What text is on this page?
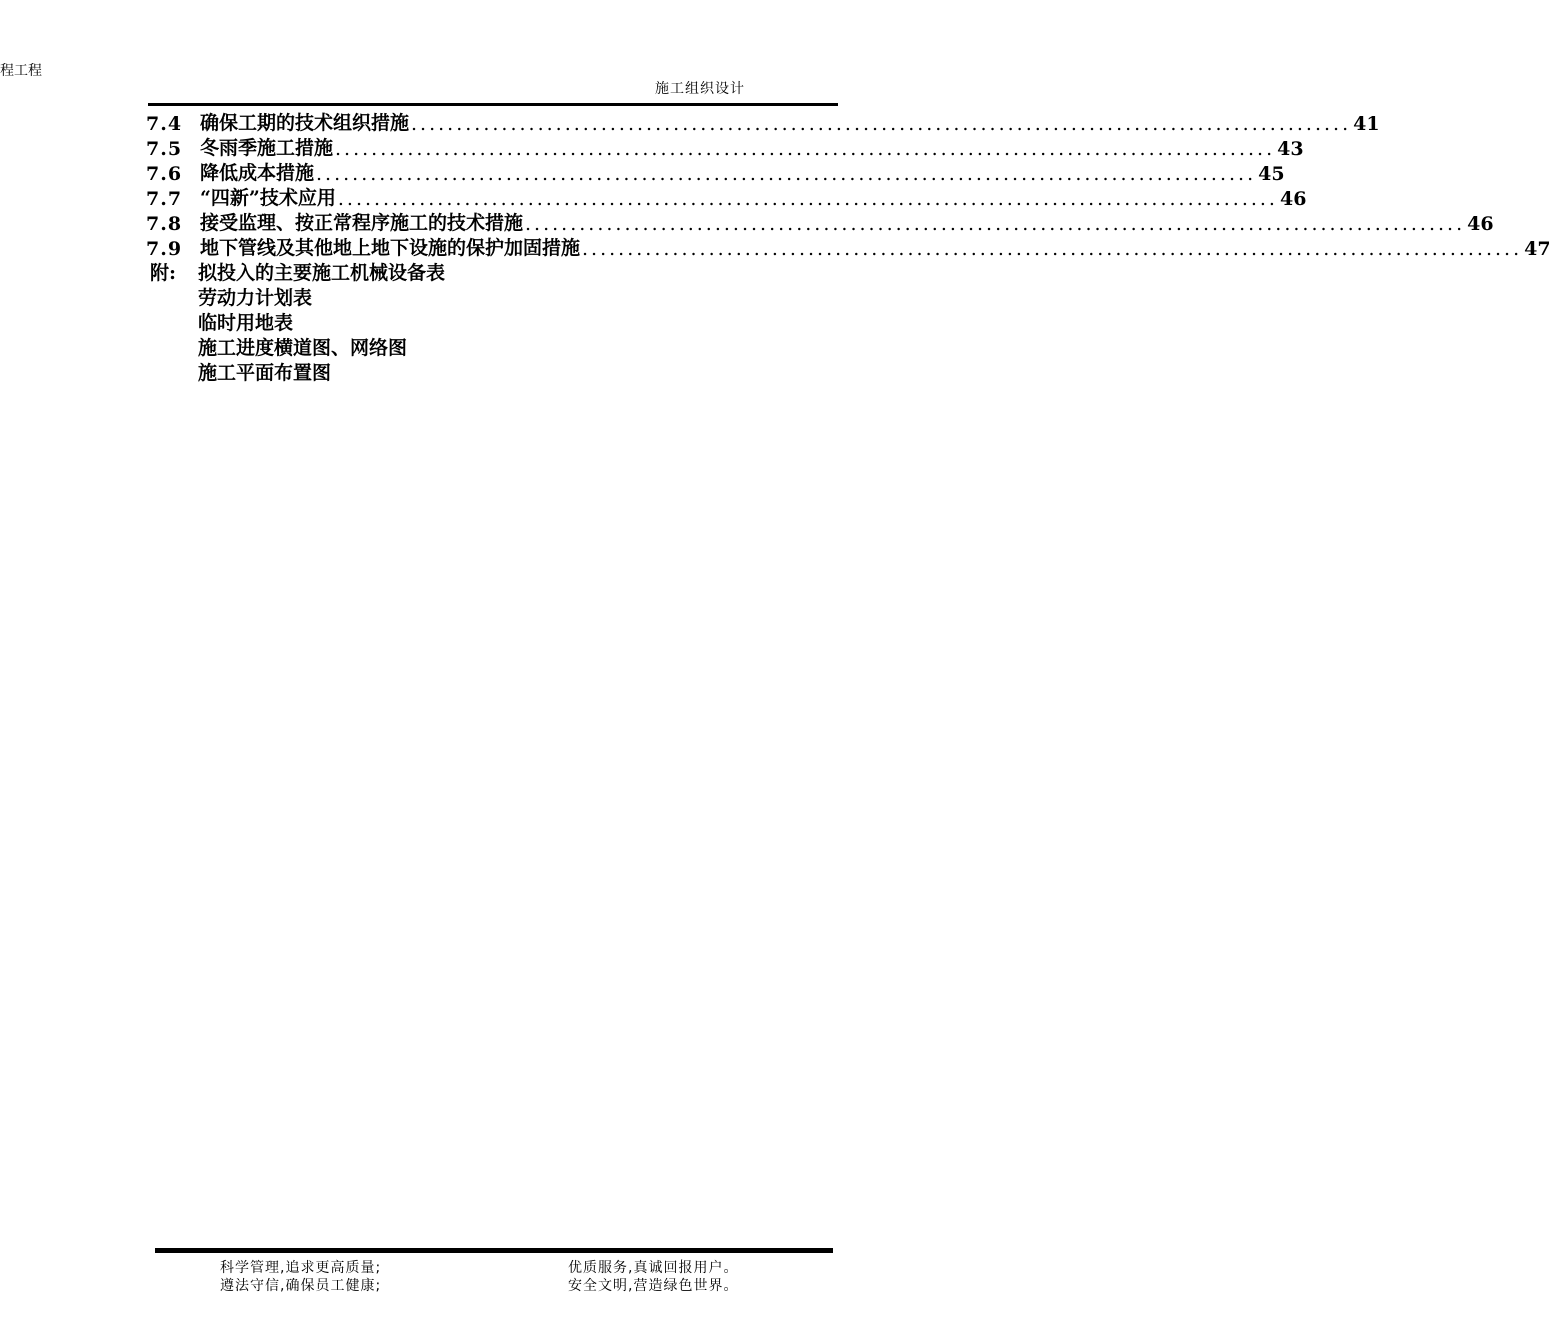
程工程
施工组织设计
7.4 确保工期的技术组织措施 ........................................................................................................ 41
7.5 冬雨季施工措施 ........................................................................................................ 43
7.6 降低成本措施 ........................................................................................................ 45
7.7 “四新”技术应用 ........................................................................................................ 46
7.8 接受监理、按正常程序施工的技术措施 ........................................................................................................ 46
7.9 地下管线及其他地上地下设施的保护加固措施 ........................................................................................................ 47
附:	拟投入的主要施工机械设备表
劳动力计划表
临时用地表
施工进度横道图、网络图
施工平面布置图
科学管理,追求更高质量;	优质服务,真诚回报用户。
遵法守信,确保员工健康;	安全文明,营造绿色世界。
